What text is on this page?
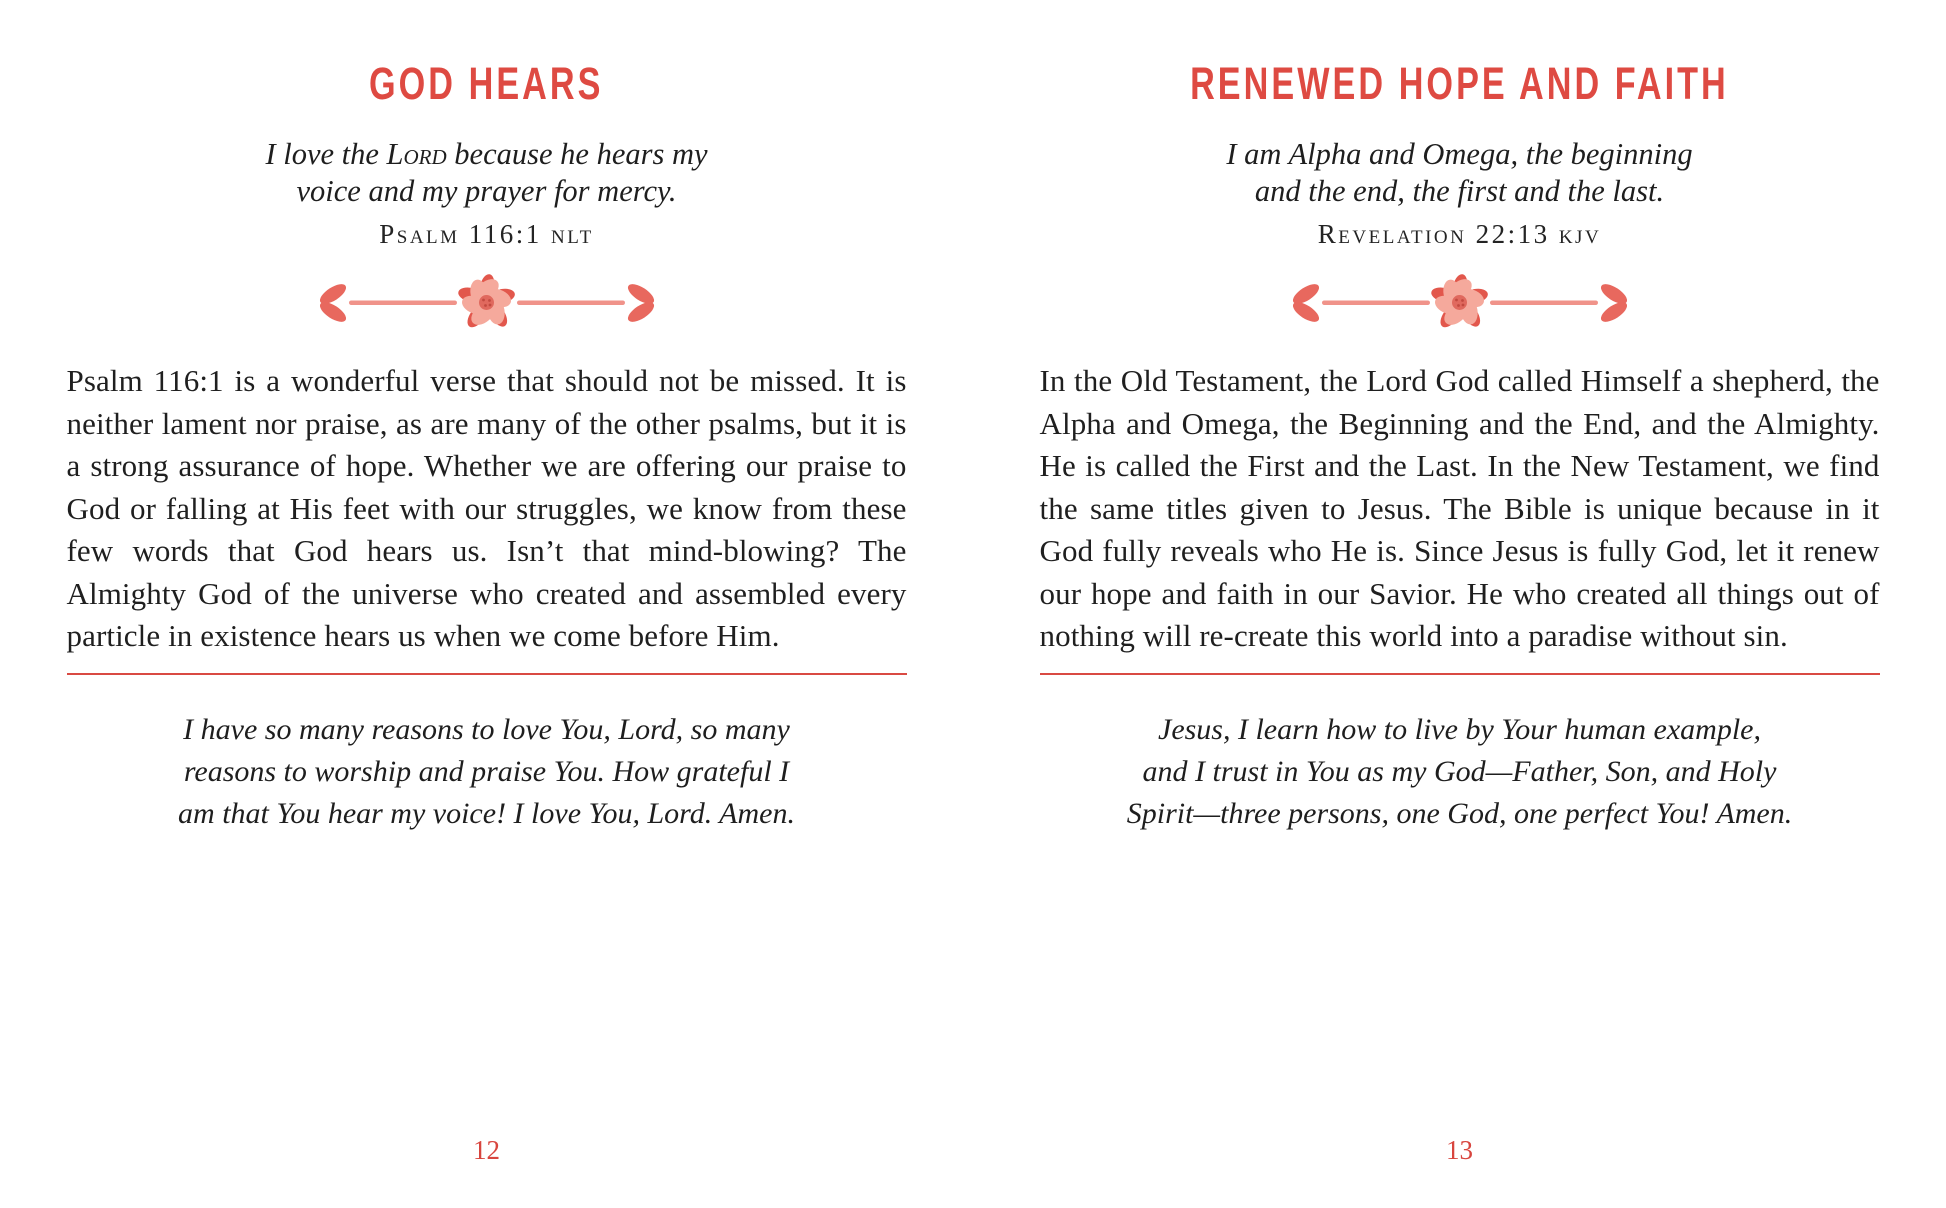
GOD HEARS
I love the Lord because he hears my
voice and my prayer for mercy.
Psalm 116:1 nlt
Psalm 116:1 is a wonderful verse that should not be missed. It is neither lament nor praise, as are many of the other psalms, but it is a strong assurance of hope. Whether we are offering our praise to God or falling at His feet with our struggles, we know from these few words that God hears us. Isn’t that mind-blowing? The Almighty God of the universe who created and assembled every particle in existence hears us when we come before Him.
I have so many reasons to love You, Lord, so many
reasons to worship and praise You. How grateful I
am that You hear my voice! I love You, Lord. Amen.
12
RENEWED HOPE AND FAITH
I am Alpha and Omega, the beginning
and the end, the first and the last.
Revelation 22:13 kjv
In the Old Testament, the Lord God called Himself a shepherd, the Alpha and Omega, the Beginning and the End, and the Almighty. He is called the First and the Last. In the New Testament, we find the same titles given to Jesus. The Bible is unique because in it God fully reveals who He is. Since Jesus is fully God, let it renew our hope and faith in our Savior. He who created all things out of nothing will re-create this world into a paradise without sin.
Jesus, I learn how to live by Your human example,
and I trust in You as my God—Father, Son, and Holy
Spirit—three persons, one God, one perfect You! Amen.
13
